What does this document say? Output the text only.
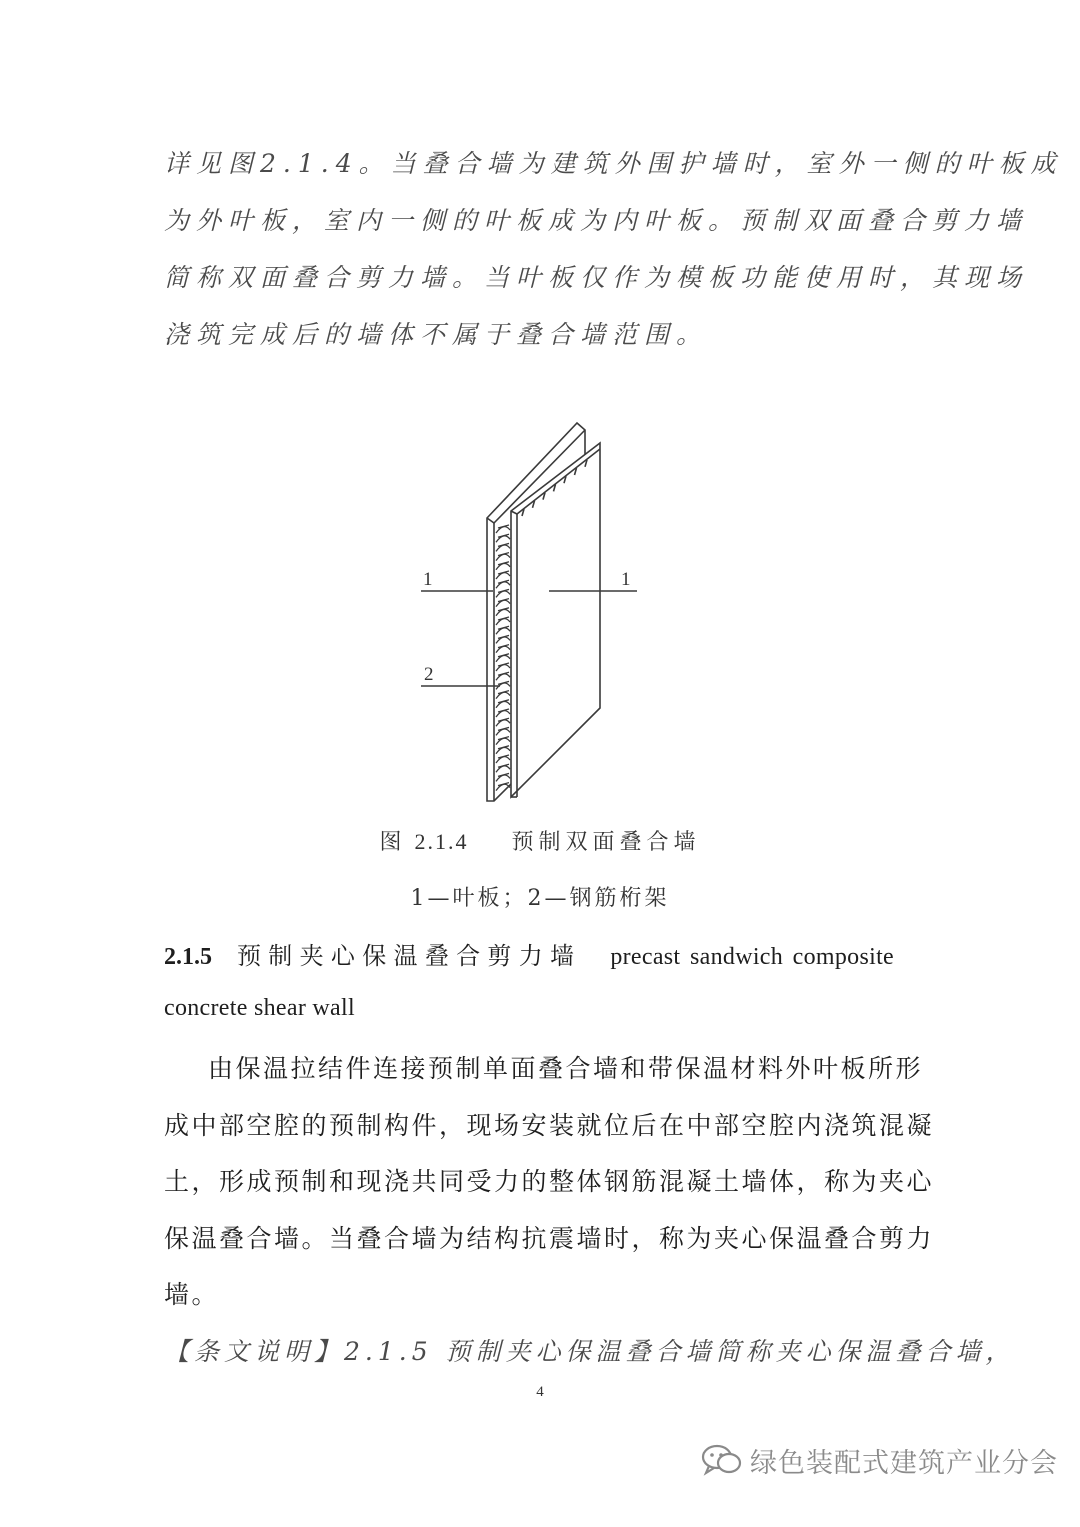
详见图2.1.4。当叠合墙为建筑外围护墙时，室外一侧的叶板成
为外叶板，室内一侧的叶板成为内叶板。预制双面叠合剪力墙
简称双面叠合剪力墙。当叶板仅作为模板功能使用时，其现场
浇筑完成后的墙体不属于叠合墙范围。
1	1
2
图 2.1.4 预制双面叠合墙
1—叶板；2—钢筋桁架
2.1.5 预制夹心保温叠合剪力墙 precast sandwich composite
concrete shear wall
由保温拉结件连接预制单面叠合墙和带保温材料外叶板所形
成中部空腔的预制构件，现场安装就位后在中部空腔内浇筑混凝
土，形成预制和现浇共同受力的整体钢筋混凝土墙体，称为夹心
保温叠合墙。当叠合墙为结构抗震墙时，称为夹心保温叠合剪力
墙。
【条文说明】2.1.5 预制夹心保温叠合墙简称夹心保温叠合墙，
4
绿色装配式建筑产业分会
